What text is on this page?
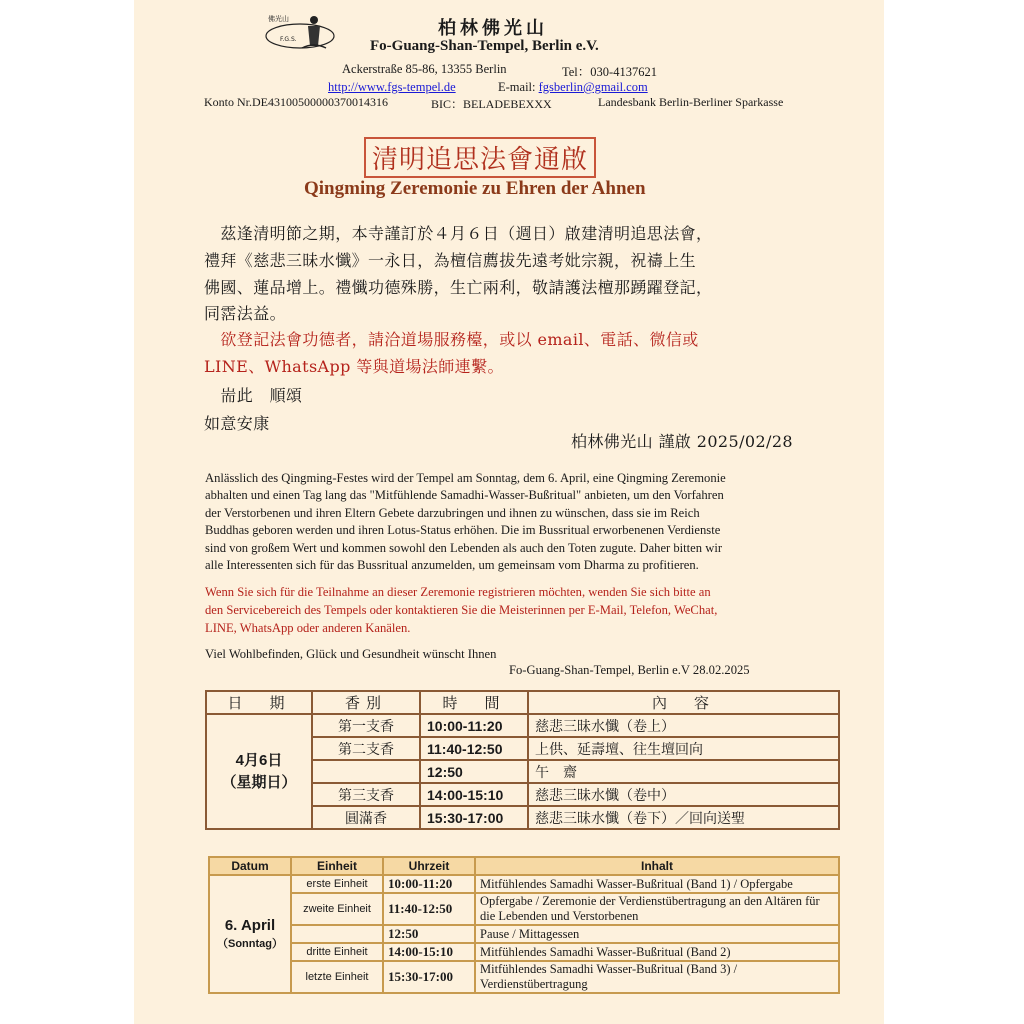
佛光山
F.G.S.
柏林佛光山
Fo-Guang-Shan-Tempel, Berlin e.V.
Ackerstraße 85-86, 13355 Berlin	Tel：030-4137621
http://www.fgs-tempel.de	E-mail: fgsberlin@gmail.com
Konto Nr.DE43100500000370014316	BIC：BELADEBEXXX	Landesbank Berlin-Berliner Sparkasse
清明追思法會通啟
Qingming Zeremonie zu Ehren der Ahnen
　茲逢清明節之期，本寺謹訂於４月６日（週日）啟建清明追思法會，
禮拜《慈悲三昧水懺》一永日，為檀信薦拔先遠考妣宗親，祝禱上生
佛國、蓮品增上。禮懺功德殊勝，生亡兩利，敬請護法檀那踴躍登記，
同霑法益。
　欲登記法會功德者，請洽道場服務檯，或以 email、電話、微信或
LINE、WhatsApp 等與道場法師連繫。
　耑此　順頌
如意安康
柏林佛光山 謹啟 2025/02/28
Anlässlich des Qingming-Festes wird der Tempel am Sonntag, dem 6. April, eine Qingming Zeremonie
abhalten und einen Tag lang das "Mitfühlende Samadhi-Wasser-Bußritual" anbieten, um den Vorfahren
der Verstorbenen und ihren Eltern Gebete darzubringen und ihnen zu wünschen, dass sie im Reich
Buddhas geboren werden und ihren Lotus-Status erhöhen. Die im Bussritual erworbenenen Verdienste
sind von großem Wert und kommen sowohl den Lebenden als auch den Toten zugute. Daher bitten wir
alle Interessenten sich für das Bussritual anzumelden, um gemeinsam vom Dharma zu profitieren.
Wenn Sie sich für die Teilnahme an dieser Zeremonie registrieren möchten, wenden Sie sich bitte an
den Servicebereich des Tempels oder kontaktieren Sie die Meisterinnen per E-Mail, Telefon, WeChat,
LINE, WhatsApp oder anderen Kanälen.
Viel Wohlbefinden, Glück und Gesundheit wünscht Ihnen
Fo-Guang-Shan-Tempel, Berlin e.V 28.02.2025
日　期	香別	時　間	內　容

4月6日
（星期日）	第一支香	10:00-11:20	慈悲三昧水懺（卷上）
	第二支香	11:40-12:50	上供、延壽壇、往生壇回向
		12:50	午　齋
	第三支香	14:00-15:10	慈悲三昧水懺（卷中）
	圓滿香	15:30-17:00	慈悲三昧水懺（卷下）／回向送聖
Datum	Einheit	Uhrzeit	Inhalt

6. April
（Sonntag）	erste Einheit	10:00-11:20	Mitfühlendes Samadhi Wasser-Bußritual (Band 1) / Opfergabe
	zweite Einheit	11:40-12:50	Opfergabe / Zeremonie der Verdienstübertragung an den Altären für die Lebenden und Verstorbenen
		12:50	Pause / Mittagessen
	dritte Einheit	14:00-15:10	Mitfühlendes Samadhi Wasser-Bußritual (Band 2)
	letzte Einheit	15:30-17:00	Mitfühlendes Samadhi Wasser-Bußritual (Band 3) / Verdienstübertragung
